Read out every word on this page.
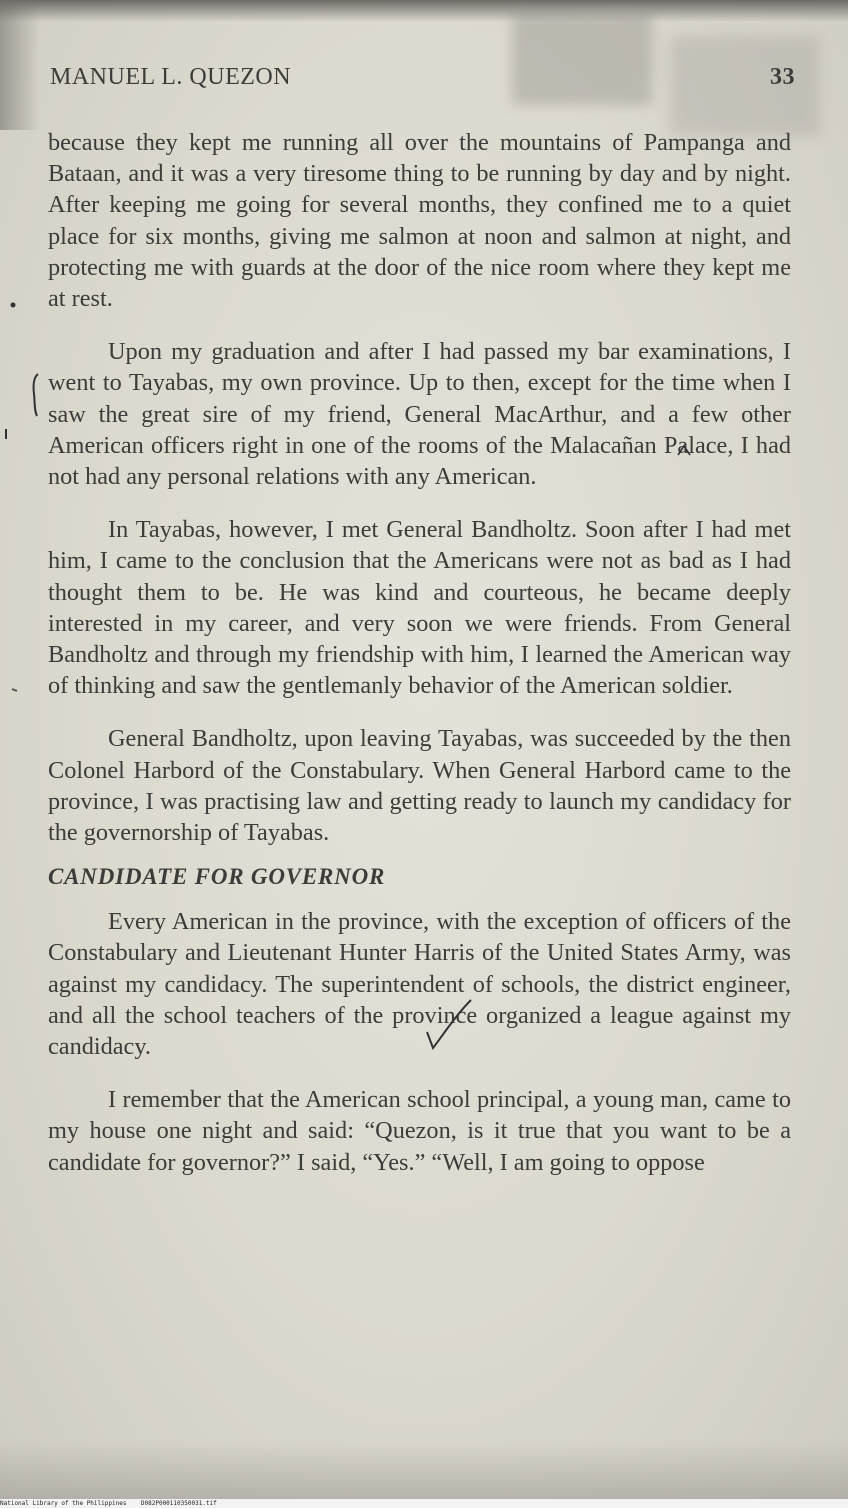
MANUEL L. QUEZON	33

because they kept me running all over the mountains of Pampanga and Bataan, and it was a very tiresome thing to be running by day and by night. After keeping me going for several months, they confined me to a quiet place for six months, giving me salmon at noon and salmon at night, and protecting me with guards at the door of the nice room where they kept me at rest.

Upon my graduation and after I had passed my bar examinations, I went to Tayabas, my own province. Up to then, except for the time when I saw the great sire of my friend, General MacArthur, and a few other American officers right in one of the rooms of the Malacañan Palace, I had not had any personal relations with any American.

In Tayabas, however, I met General Bandholtz. Soon after I had met him, I came to the conclusion that the Americans were not as bad as I had thought them to be. He was kind and courteous, he became deeply interested in my career, and very soon we were friends. From General Bandholtz and through my friendship with him, I learned the American way of thinking and saw the gentlemanly behavior of the American soldier.

General Bandholtz, upon leaving Tayabas, was succeeded by the then Colonel Harbord of the Constabulary. When General Harbord came to the province, I was practising law and getting ready to launch my candidacy for the governorship of Tayabas.

CANDIDATE FOR GOVERNOR

Every American in the province, with the exception of officers of the Constabulary and Lieutenant Hunter Harris of the United States Army, was against my candidacy. The superintendent of schools, the district engineer, and all the school teachers of the province organized a league against my candidacy.

I remember that the American school principal, a young man, came to my house one night and said: “Quezon, is it true that you want to be a candidate for governor?” I said, “Yes.” “Well, I am going to oppose

National Library of the Philippines D082P000110350031.tif
